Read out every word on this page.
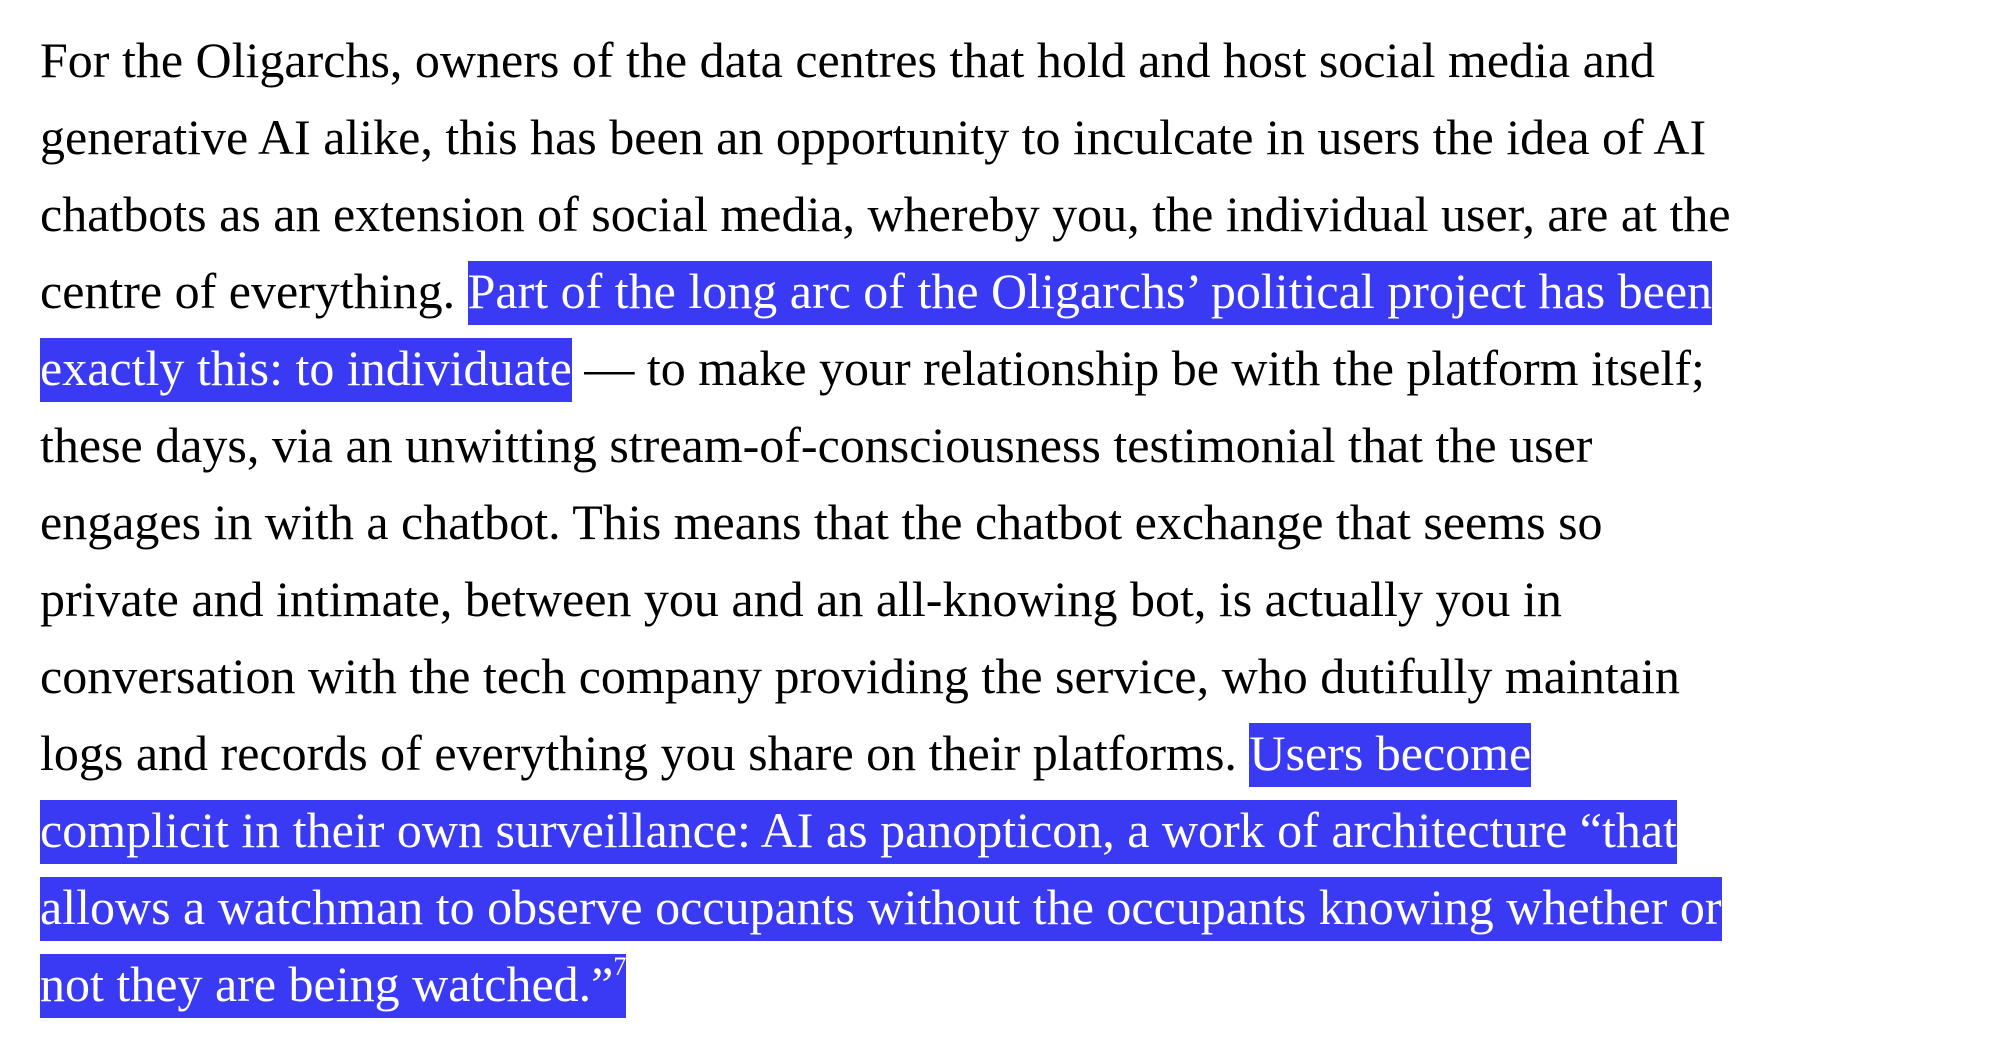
For the Oligarchs, owners of the data centres that hold and host social media and
generative AI alike, this has been an opportunity to inculcate in users the idea of AI
chatbots as an extension of social media, whereby you, the individual user, are at the
centre of everything. Part of the long arc of the Oligarchs’ political project has been
exactly this: to individuate — to make your relationship be with the platform itself;
these days, via an unwitting stream-of-consciousness testimonial that the user
engages in with a chatbot. This means that the chatbot exchange that seems so
private and intimate, between you and an all-knowing bot, is actually you in
conversation with the tech company providing the service, who dutifully maintain
logs and records of everything you share on their platforms. Users become
complicit in their own surveillance: AI as panopticon, a work of architecture “that
allows a watchman to observe occupants without the occupants knowing whether or
not they are being watched.”$^7$
